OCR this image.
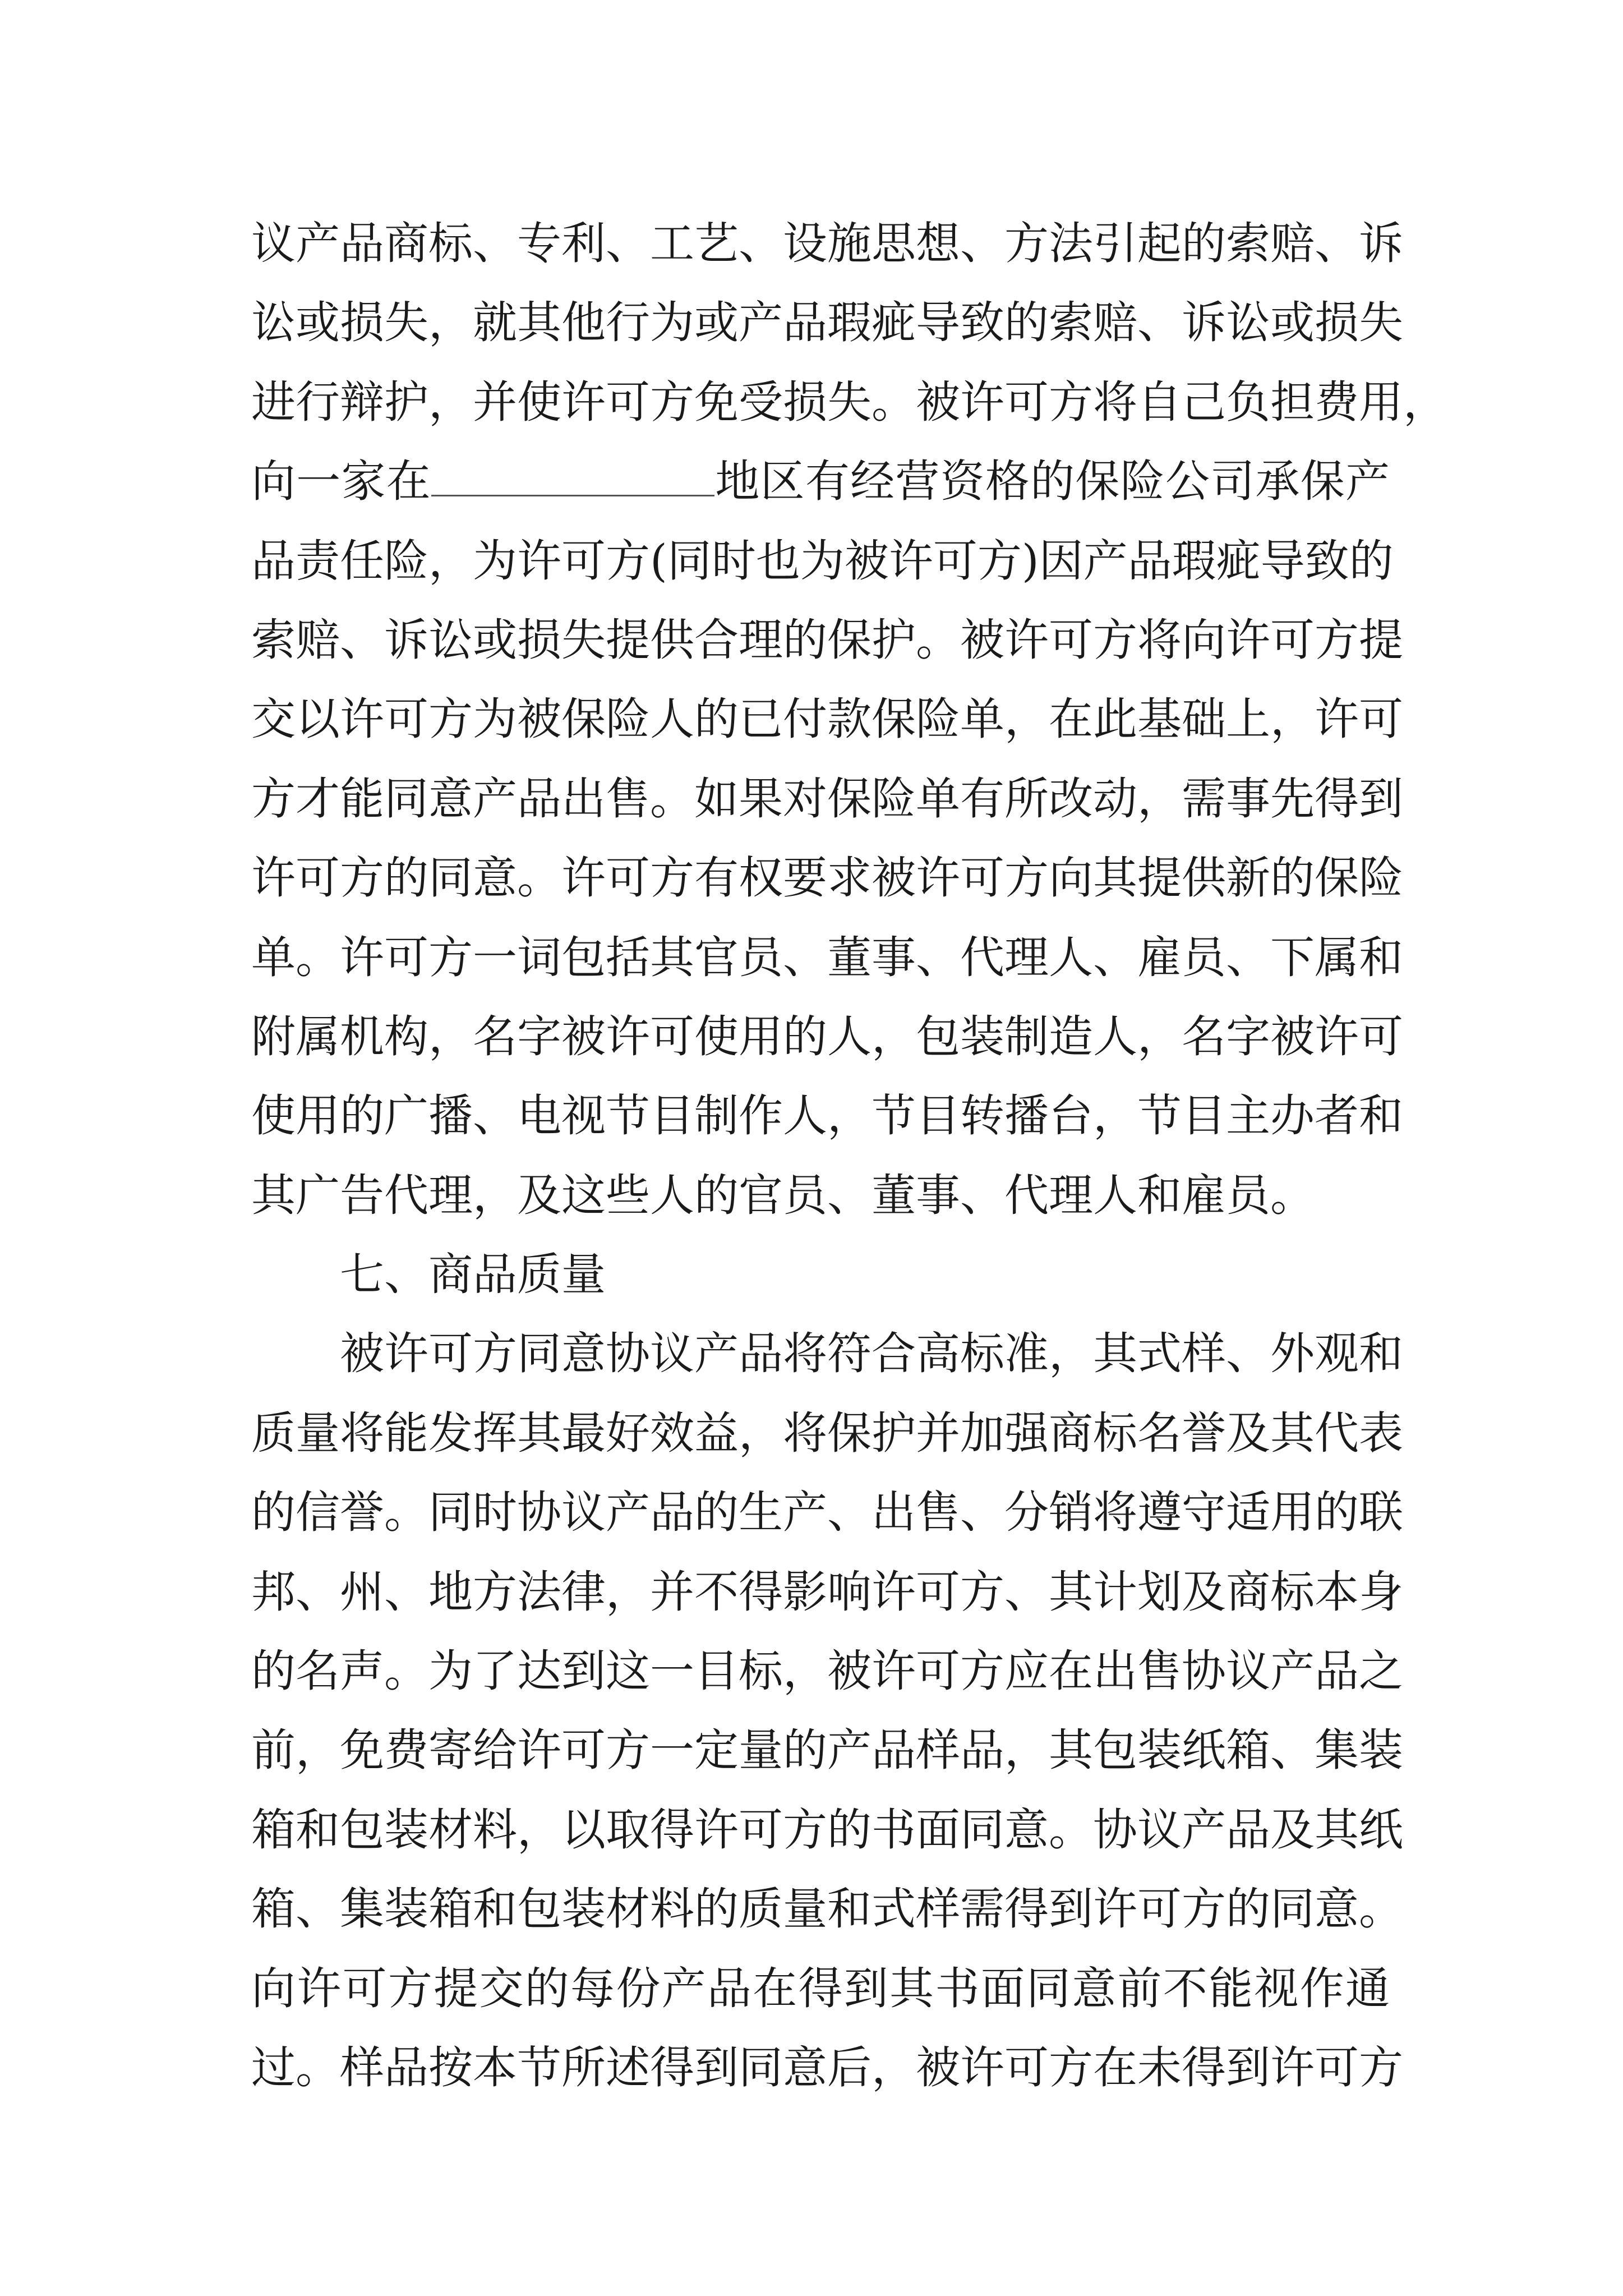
议产品商标、专利、工艺、设施思想、方法引起的索赔、诉
讼或损失，就其他行为或产品瑕疵导致的索赔、诉讼或损失
进行辩护，并使许可方免受损失。被许可方将自己负担费用，
向一家在	地区有经营资格的保险公司承保产
品责任险，为许可方(同时也为被许可方)因产品瑕疵导致的
索赔、诉讼或损失提供合理的保护。被许可方将向许可方提
交以许可方为被保险人的已付款保险单，在此基础上，许可
方才能同意产品出售。如果对保险单有所改动，需事先得到
许可方的同意。许可方有权要求被许可方向其提供新的保险
单。许可方一词包括其官员、董事、代理人、雇员、下属和
附属机构，名字被许可使用的人，包装制造人，名字被许可
使用的广播、电视节目制作人，节目转播台，节目主办者和
其广告代理，及这些人的官员、董事、代理人和雇员。
七、商品质量
被许可方同意协议产品将符合高标准，其式样、外观和
质量将能发挥其最好效益，将保护并加强商标名誉及其代表
的信誉。同时协议产品的生产、出售、分销将遵守适用的联
邦、州、地方法律，并不得影响许可方、其计划及商标本身
的名声。为了达到这一目标，被许可方应在出售协议产品之
前，免费寄给许可方一定量的产品样品，其包装纸箱、集装
箱和包装材料，以取得许可方的书面同意。协议产品及其纸
箱、集装箱和包装材料的质量和式样需得到许可方的同意。
向许可方提交的每份产品在得到其书面同意前不能视作通
过。样品按本节所述得到同意后，被许可方在未得到许可方
